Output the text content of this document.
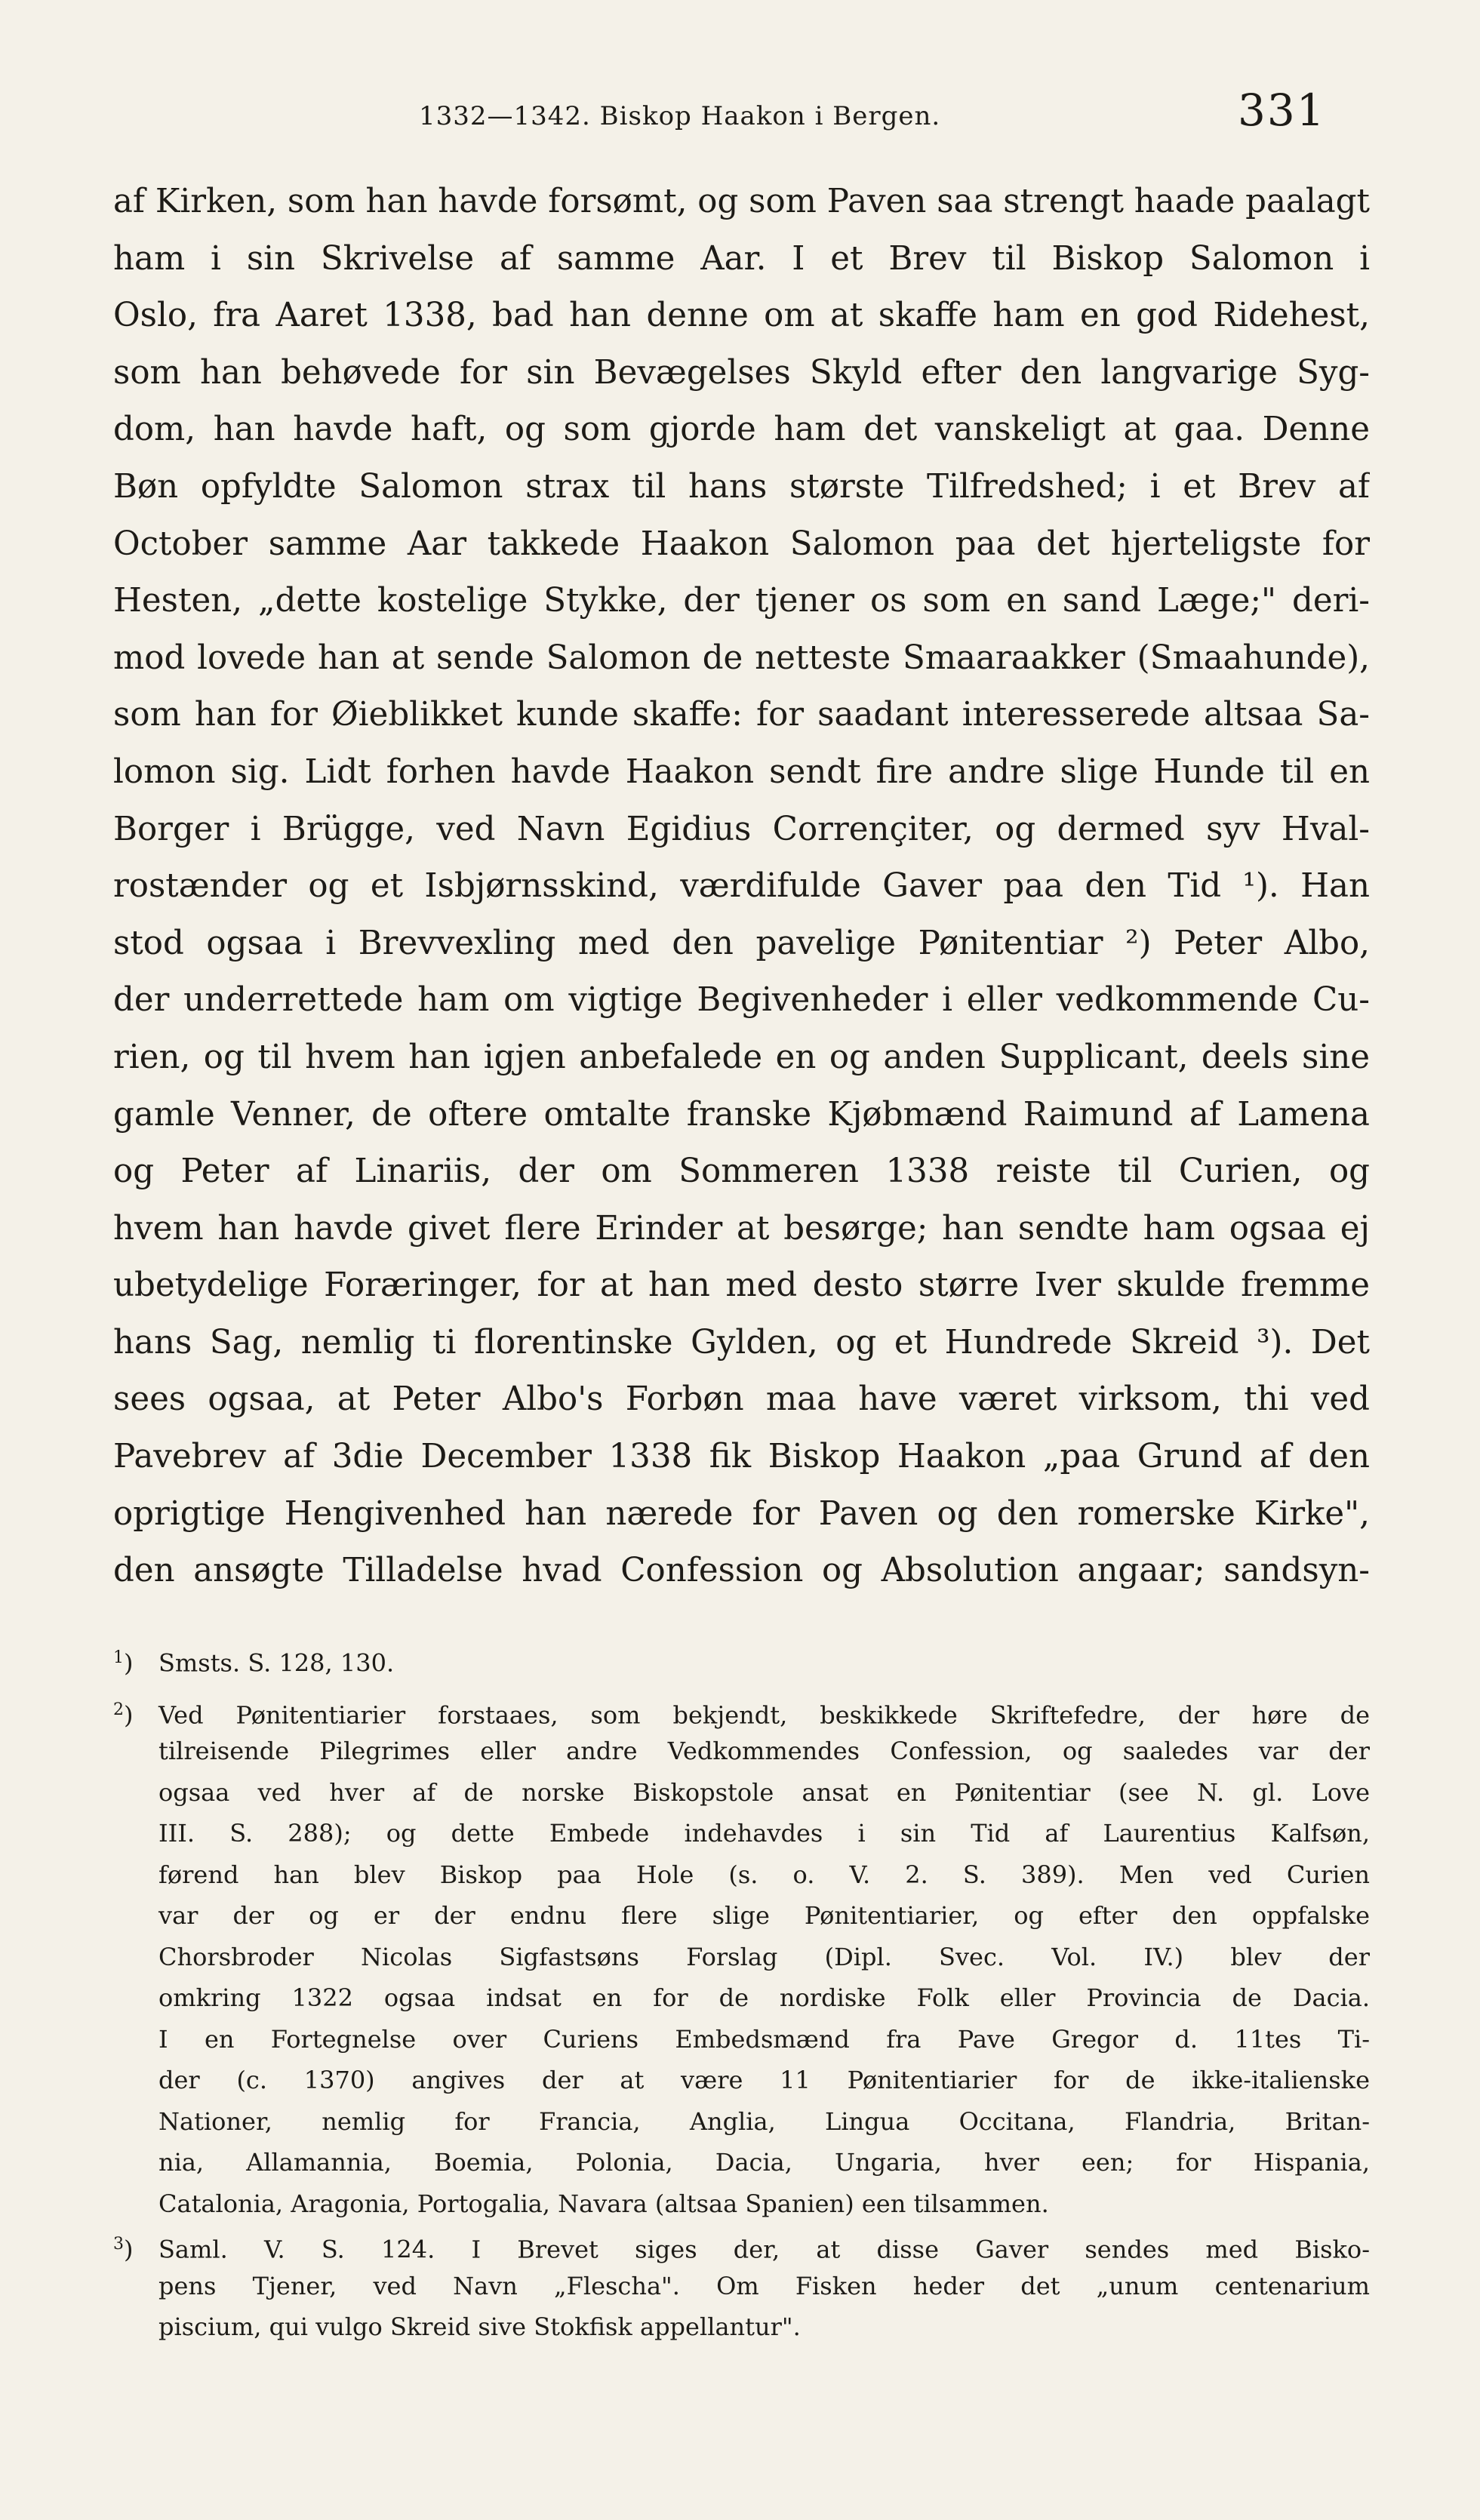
1332—1342. Biskop Haakon i Bergen.	331
af Kirken, som han havde forsømt, og som Paven saa strengt haade paalagt
ham i sin Skrivelse af samme Aar. I et Brev til Biskop Salomon i
Oslo, fra Aaret 1338, bad han denne om at skaffe ham en god Ridehest,
som han behøvede for sin Bevægelses Skyld efter den langvarige Syg-
dom, han havde haft, og som gjorde ham det vanskeligt at gaa. Denne
Bøn opfyldte Salomon strax til hans største Tilfredshed; i et Brev af
October samme Aar takkede Haakon Salomon paa det hjerteligste for
Hesten, „dette kostelige Stykke, der tjener os som en sand Læge;" deri-
mod lovede han at sende Salomon de netteste Smaaraakker (Smaahunde),
som han for Øieblikket kunde skaffe: for saadant interesserede altsaa Sa-
lomon sig. Lidt forhen havde Haakon sendt fire andre slige Hunde til en
Borger i Brügge, ved Navn Egidius Corrençiter, og dermed syv Hval-
rostænder og et Isbjørnsskind, værdifulde Gaver paa den Tid ¹). Han
stod ogsaa i Brevvexling med den pavelige Pønitentiar ²) Peter Albo,
der underrettede ham om vigtige Begivenheder i eller vedkommende Cu-
rien, og til hvem han igjen anbefalede en og anden Supplicant, deels sine
gamle Venner, de oftere omtalte franske Kjøbmænd Raimund af Lamena
og Peter af Linariis, der om Sommeren 1338 reiste til Curien, og
hvem han havde givet flere Erinder at besørge; han sendte ham ogsaa ej
ubetydelige Foræringer, for at han med desto større Iver skulde fremme
hans Sag, nemlig ti florentinske Gylden, og et Hundrede Skreid ³). Det
sees ogsaa, at Peter Albo's Forbøn maa have været virksom, thi ved
Pavebrev af 3die December 1338 fik Biskop Haakon „paa Grund af den
oprigtige Hengivenhed han nærede for Paven og den romerske Kirke",
den ansøgte Tilladelse hvad Confession og Absolution angaar; sandsyn-
$^1$) Smsts. S. 128, 130.
$^2$) Ved Pønitentiarier forstaaes, som bekjendt, beskikkede Skriftefedre, der høre de
tilreisende Pilegrimes eller andre Vedkommendes Confession, og saaledes var der
ogsaa ved hver af de norske Biskopstole ansat en Pønitentiar (see N. gl. Love
III. S. 288); og dette Embede indehavdes i sin Tid af Laurentius Kalfsøn,
førend han blev Biskop paa Hole (s. o. V. 2. S. 389). Men ved Curien
var der og er der endnu flere slige Pønitentiarier, og efter den oppfalske
Chorsbroder Nicolas Sigfastsøns Forslag (Dipl. Svec. Vol. IV.) blev der
omkring 1322 ogsaa indsat en for de nordiske Folk eller Provincia de Dacia.
I en Fortegnelse over Curiens Embedsmænd fra Pave Gregor d. 11tes Ti-
der (c. 1370) angives der at være 11 Pønitentiarier for de ikke-italienske
Nationer, nemlig for Francia, Anglia, Lingua Occitana, Flandria, Britan-
nia, Allamannia, Boemia, Polonia, Dacia, Ungaria, hver een; for Hispania,
Catalonia, Aragonia, Portogalia, Navara (altsaa Spanien) een tilsammen.
$^3$) Saml. V. S. 124. I Brevet siges der, at disse Gaver sendes med Bisko-
pens Tjener, ved Navn „Flescha". Om Fisken heder det „unum centenarium
piscium, qui vulgo Skreid sive Stokfisk appellantur".
